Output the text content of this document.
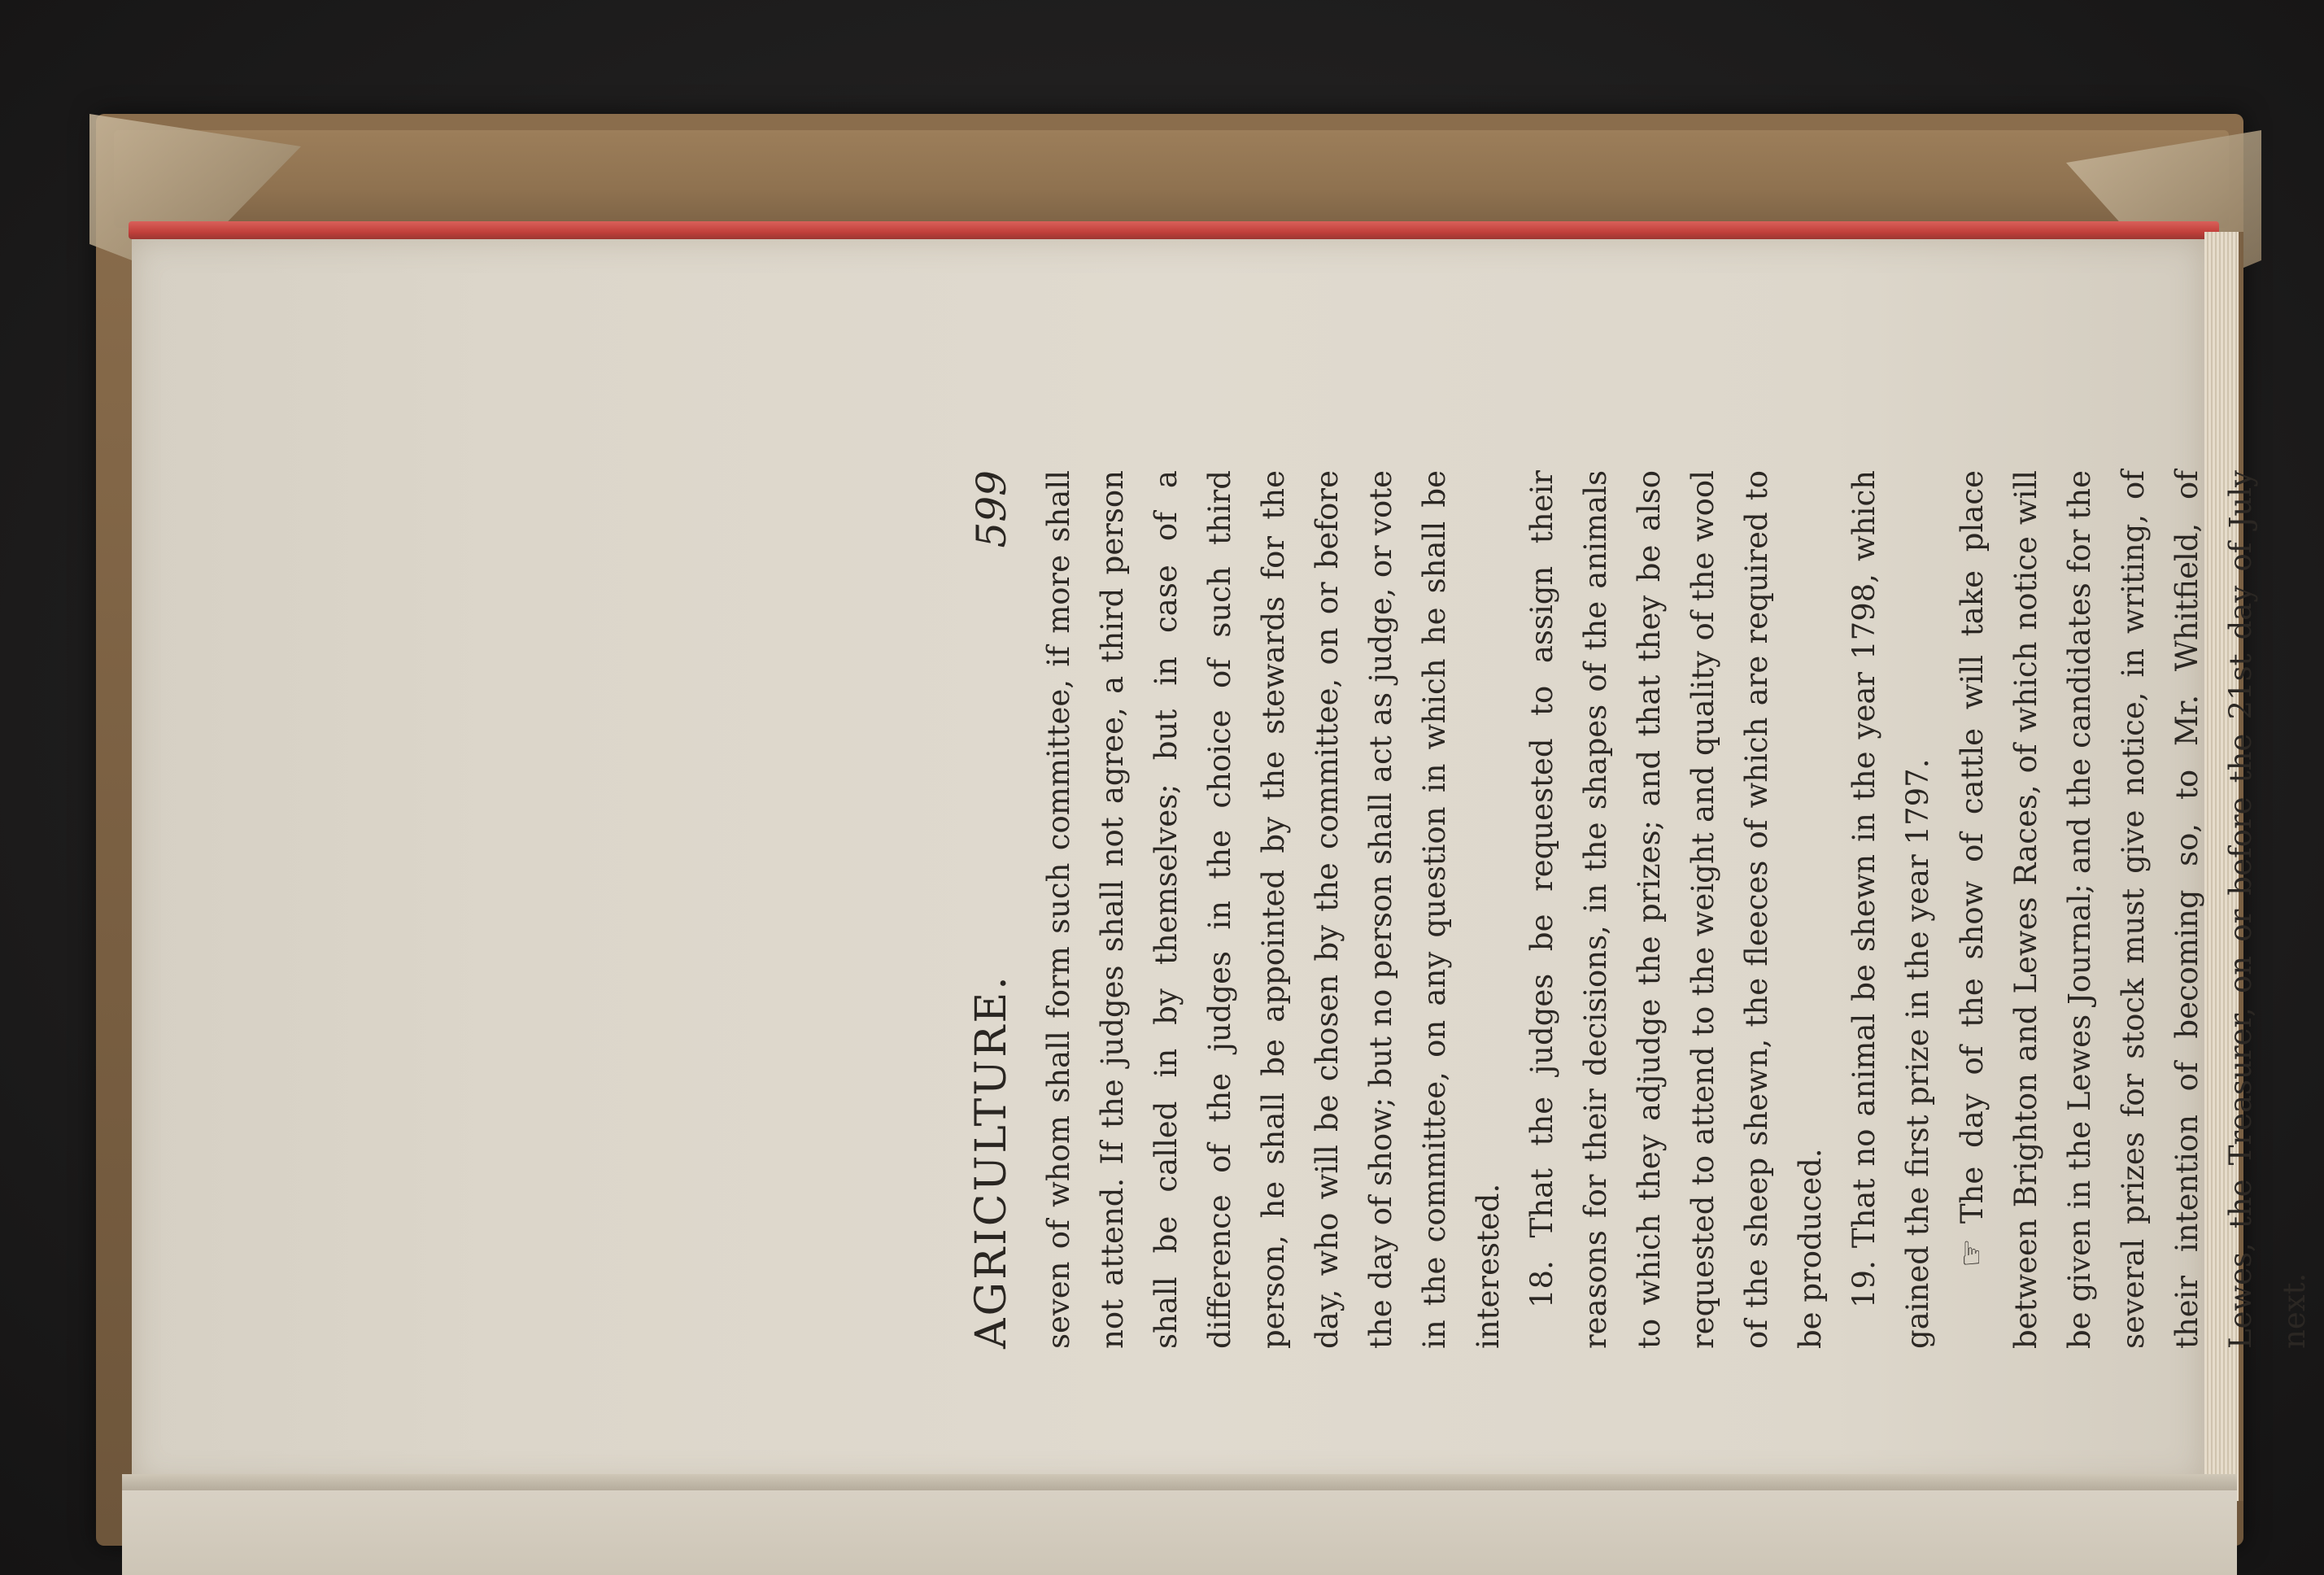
AGRICULTURE.
599 seven of whom shall form such committee, if more shall not attend. If the judges shall not agree, a third person shall be called in by themselves; but in case of a difference of the judges in the choice of such third person, he shall be appointed by the stewards for the day, who will be chosen by the committee, on or before the day of show; but no person shall act as judge, or vote in the committee, on any question in which he shall be interested. 18. That the judges be requested to assign their reasons for their decisions, in the shapes of the animals to which they adjudge the prizes; and that they be also requested to attend to the weight and quality of the wool of the sheep shewn, the fleeces of which are required to be produced. 19. That no animal be shewn in the year 1798, which gained the first prize in the year 1797. ☞The day of the show of cattle will take place between Brighton and Lewes Races, of which notice will be given in the Lewes Journal; and the candidates for the several prizes for stock must give notice, in writing, of their intention of becoming so, to Mr. Whitfield, of Lewes, the Treasurer, on or before the 21st day of July next.
